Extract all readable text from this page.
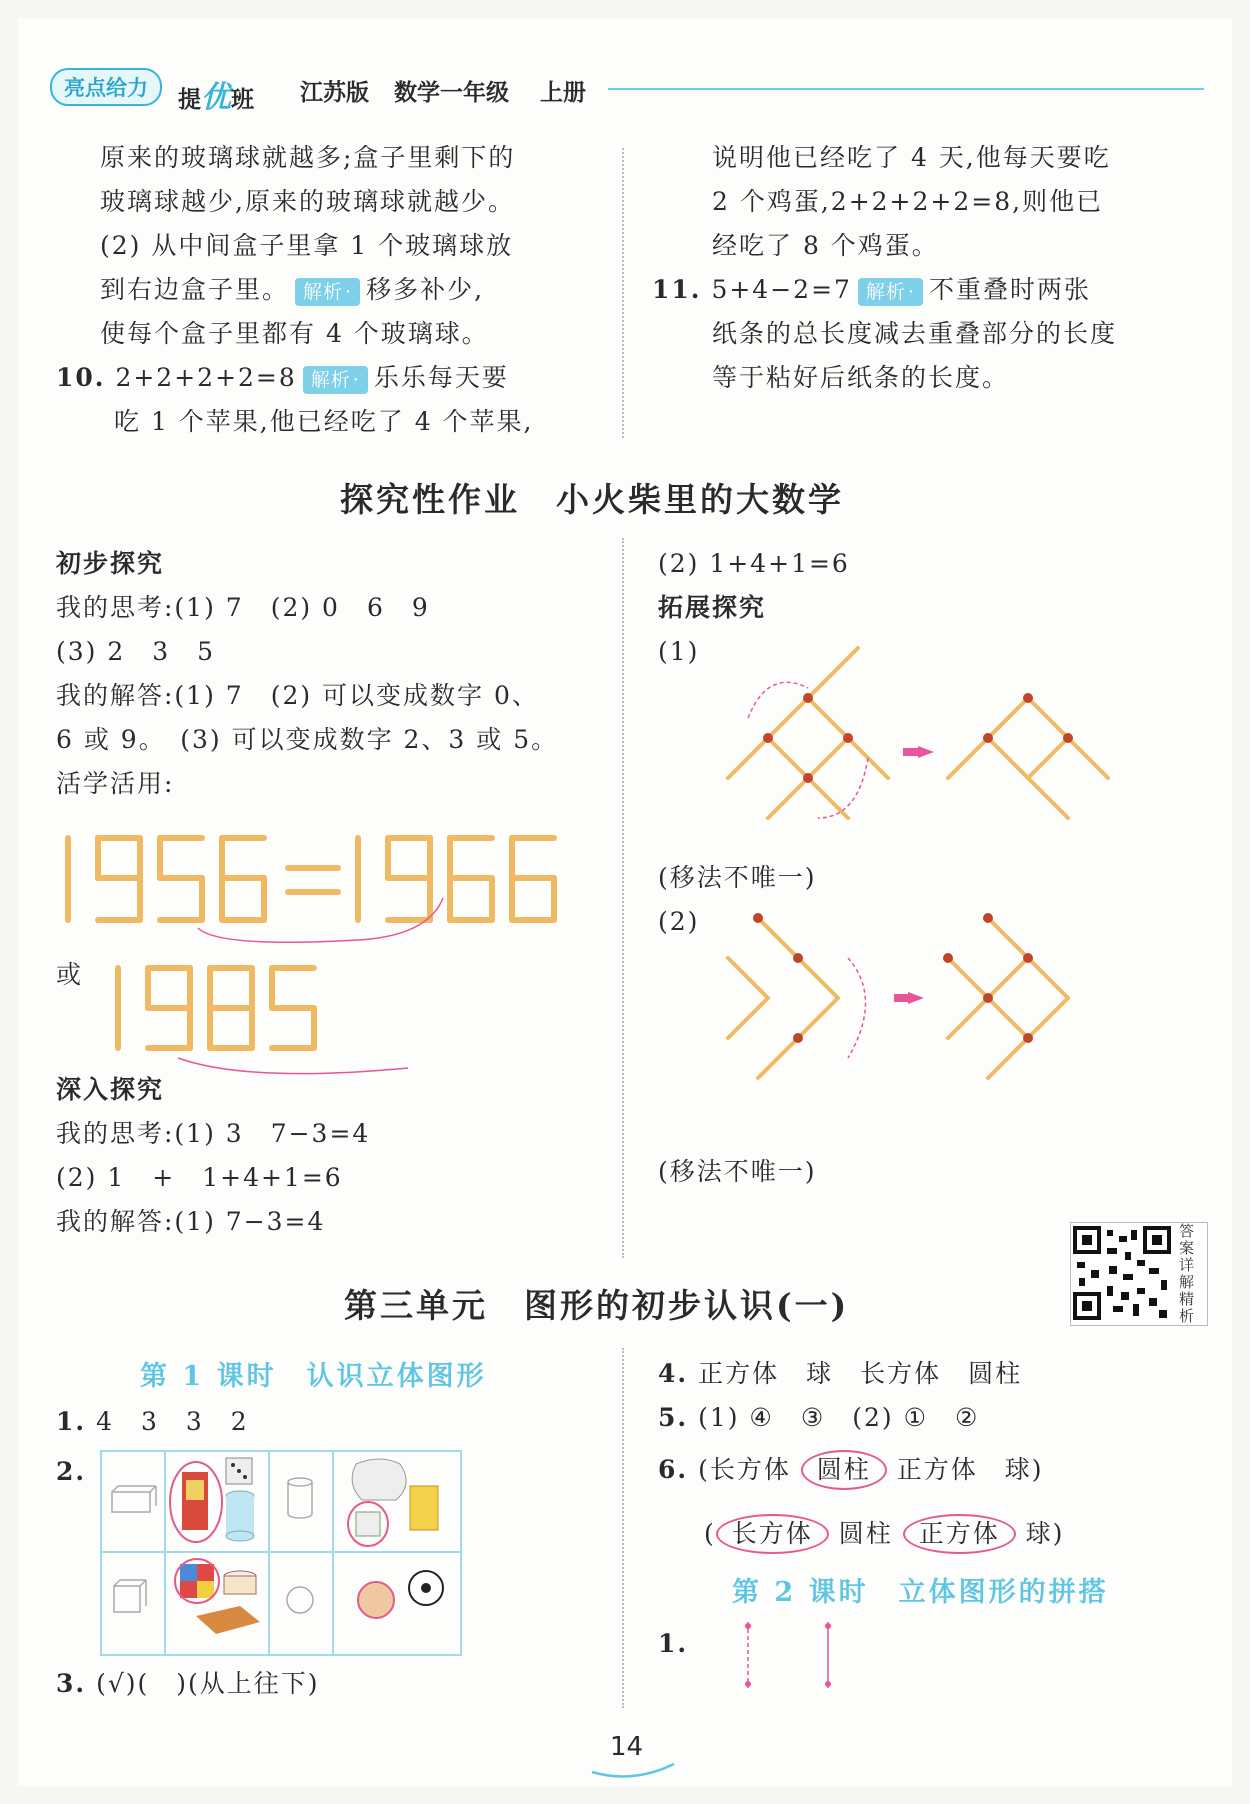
亮点给力	提优班 江苏版 数学一年级 上册
原来的玻璃球就越多;盒子里剩下的
玻璃球越少,原来的玻璃球就越少。
(2) 从中间盒子里拿 1 个玻璃球放
到右边盒子里。 解析 · 移多补少,
使每个盒子里都有 4 个玻璃球。
10. 2+2+2+2=8 解析 · 乐乐每天要
吃 1 个苹果,他已经吃了 4 个苹果,
说明他已经吃了 4 天,他每天要吃
2 个鸡蛋,2+2+2+2=8,则他已
经吃了 8 个鸡蛋。
11. 5+4−2=7 解析 · 不重叠时两张
纸条的总长度减去重叠部分的长度
等于粘好后纸条的长度。
探究性作业　小火柴里的大数学
初步探究
我的思考:(1) 7　(2) 0　6　9
(3) 2　3　5
我的解答:(1) 7　(2) 可以变成数字 0、
6 或 9。　(3) 可以变成数字 2、3 或 5。
活学活用:
或
深入探究
我的思考:(1) 3　7−3=4
(2) 1　+　1+4+1=6
我的解答:(1) 7−3=4
(2) 1+4+1=6
拓展探究
(1)
(移法不唯一)
(2)
(移法不唯一)
答案详解精析
第三单元　图形的初步认识(一)
第 1 课时　认识立体图形
1. 4　3　3　2
2.
3. (√)(　)(从上往下)
4. 正方体　球　长方体　圆柱
5. (1) ④　③　(2) ①　②
6. (长方体 圆柱 正方体　球)
( 长方体 圆柱 正方体 球)
第 2 课时　立体图形的拼搭
1.
14
